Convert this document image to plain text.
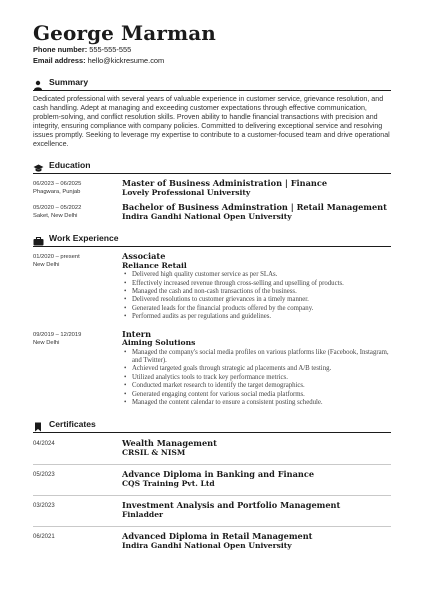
George Marman
Phone number: 555-555-555
Email address: hello@kickresume.com
Summary
Dedicated professional with several years of valuable experience in customer service, grievance resolution, and cash handling. Adept at managing and exceeding customer expectations through effective communication, problem-solving, and conflict resolution skills. Proven ability to handle financial transactions with precision and integrity, ensuring compliance with company policies. Committed to delivering exceptional service and resolving issues promptly. Seeking to leverage my expertise to contribute to a customer-focused team and drive operational excellence.
Education
06/2023 – 06/2025
Phagwara, Punjab
Master of Business Administration | Finance
Lovely Professional University
05/2020 – 05/2022
Saket, New Delhi
Bachelor of Business Adminstration | Retail Management
Indira Gandhi National Open University
Work Experience
01/2020 – present
New Delhi
Associate
Reliance Retail
• Delivered high quality customer service as per SLAs.
• Effectively increased revenue through cross-selling and upselling of products.
• Managed the cash and non-cash transactions of the business.
• Delivered resolutions to customer grievances in a timely manner.
• Generated leads for the financial products offered by the company.
• Performed audits as per regulations and guidelines.
09/2019 – 12/2019
New Delhi
Intern
Aiming Solutions
• Managed the company's social media profiles on various platforms like (Facebook, Instagram, and Twitter).
• Achieved targeted goals through strategic ad placements and A/B testing.
• Utilized analytics tools to track key performance metrics.
• Conducted market research to identify the target demographics.
• Generated engaging content for various social media platforms.
• Managed the content calendar to ensure a consistent posting schedule.
Certificates
04/2024	Wealth Management
CRSIL & NISM
05/2023	Advance Diploma in Banking and Finance
CQS Training Pvt. Ltd
03/2023	Investment Analysis and Portfolio Management
Finladder
06/2021	Advanced Diploma in Retail Management
Indira Gandhi National Open University
